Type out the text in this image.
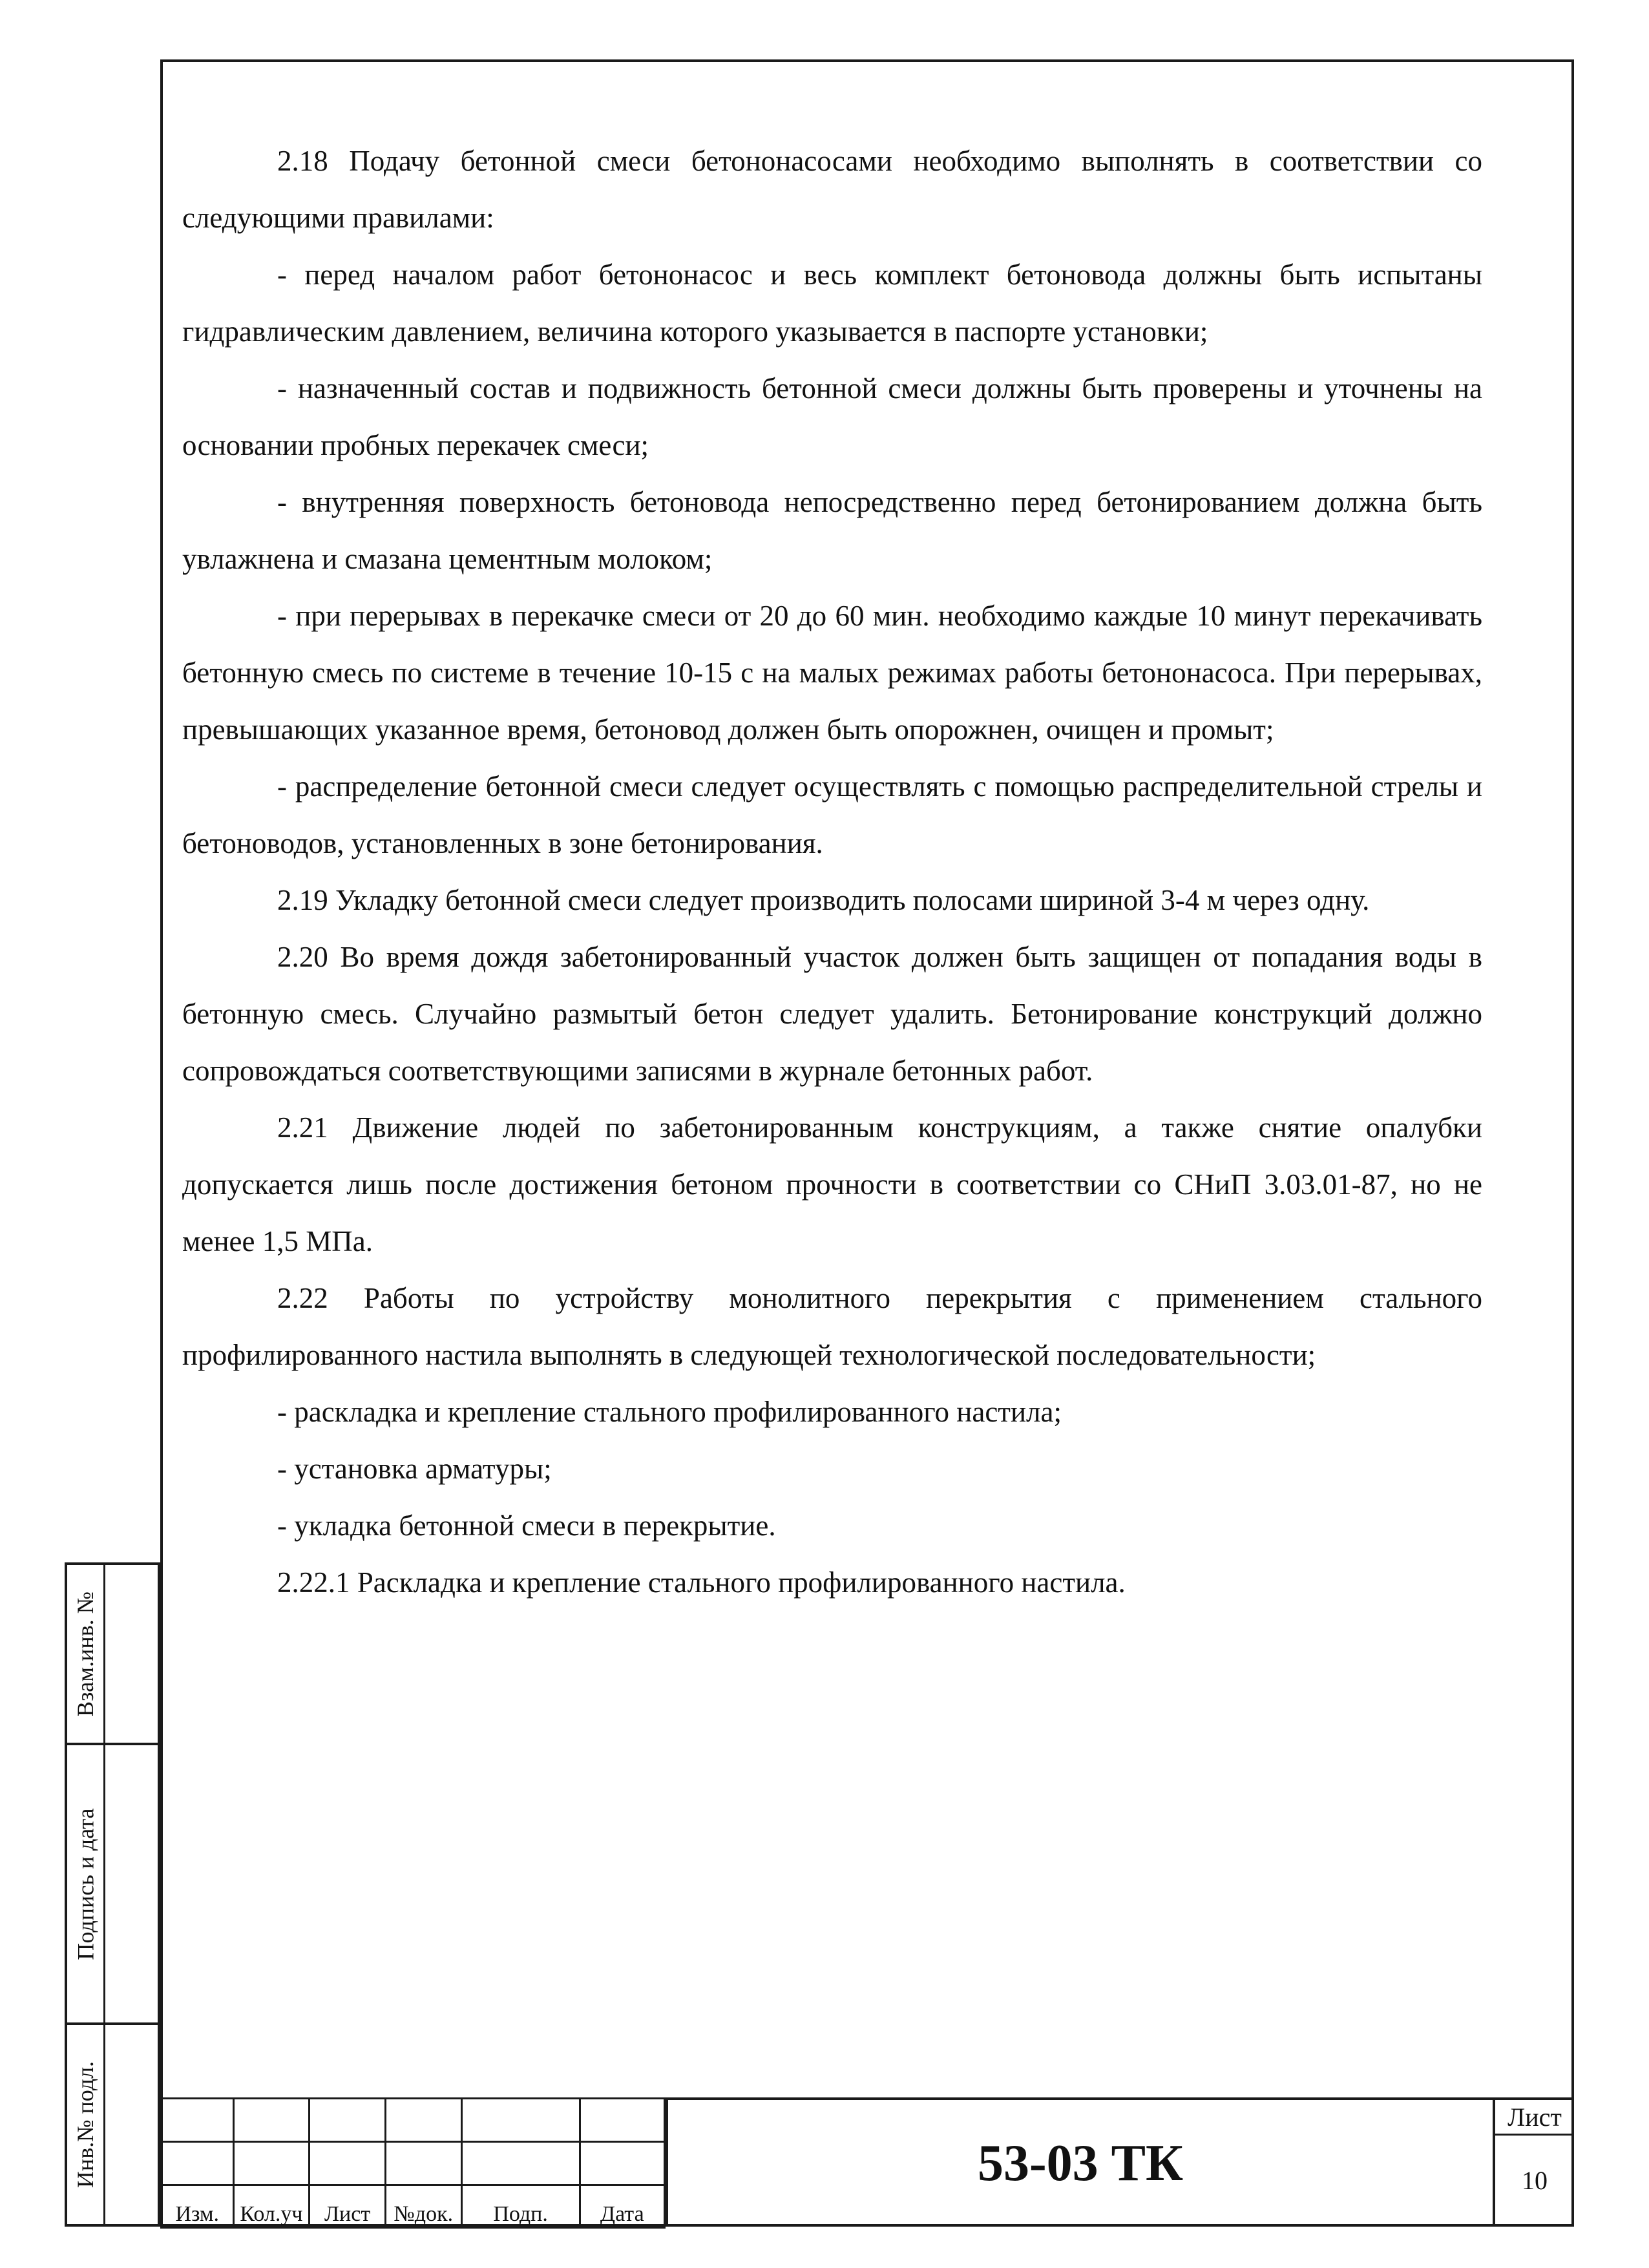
2.18 Подачу бетонной смеси бетононасосами необходимо выполнять в соответствии со следующими правилами:

- перед началом работ бетононасос и весь комплект бетоновода должны быть испытаны гидравлическим давлением, величина которого указывается в паспорте установки;

- назначенный состав и подвижность бетонной смеси должны быть проверены и уточнены на основании пробных перекачек смеси;

- внутренняя поверхность бетоновода непосредственно перед бетонированием должна быть увлажнена и смазана цементным молоком;

- при перерывах в перекачке смеси от 20 до 60 мин. необходимо каждые 10 минут перекачивать бетонную смесь по системе в течение 10-15 с на малых режимах работы бетононасоса. При перерывах, превышающих указанное время, бетоновод должен быть опорожнен, очищен и промыт;

- распределение бетонной смеси следует осуществлять с помощью распределительной стрелы и бетоноводов, установленных в зоне бетонирования.

2.19 Укладку бетонной смеси следует производить полосами шириной 3-4 м через одну.

2.20 Во время дождя забетонированный участок должен быть защищен от попадания воды в бетонную смесь. Случайно размытый бетон следует удалить. Бетонирование конструкций должно сопровождаться соответствующими записями в журнале бетонных работ.

2.21 Движение людей по забетонированным конструкциям, а также снятие опалубки допускается лишь после достижения бетоном прочности в соответствии со СНиП 3.03.01-87, но не менее 1,5 МПа.

2.22 Работы по устройству монолитного перекрытия с применением стального профилированного настила выполнять в следующей технологической последовательности;

- раскладка и крепление стального профилированного настила;

- установка арматуры;

- укладка бетонной смеси в перекрытие.

2.22.1 Раскладка и крепление стального профилированного настила.

Взам.инв. №
Подпись и дата
Инв.№ подл.

Изм.	Кол.уч	Лист	№док.	Подп.	Дата
53-03 ТК
Лист
10
